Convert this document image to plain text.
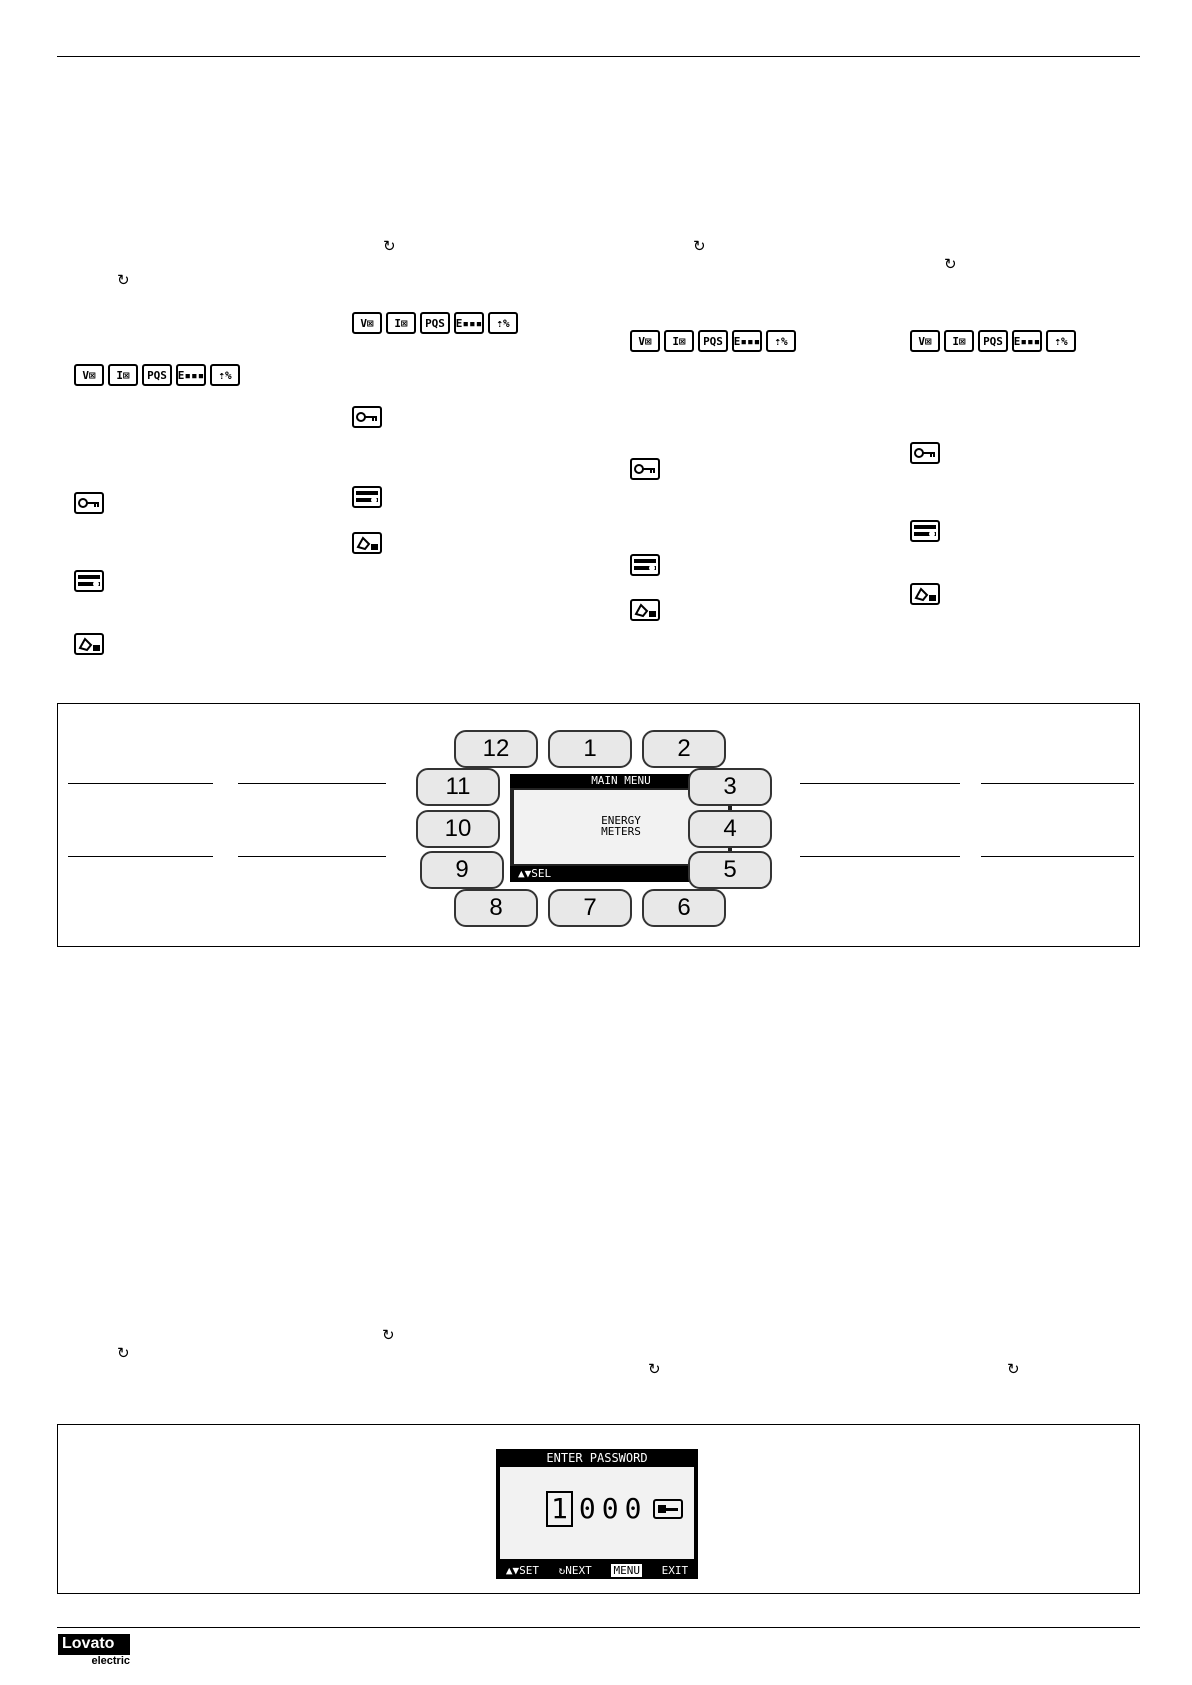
↻
↻
↻
↻
V⊠	I⊠	PQS E▪▪▪	⇡%
V⊠	I⊠	PQS E▪▪▪	⇡%
V⊠	I⊠	PQS E▪▪▪	⇡%	V⊠	I⊠	PQS E▪▪▪	⇡%
MAIN MENU
ENERGY
METERS
▲▼SEL
12	1	2
11	3
10	4
9	5
8	7	6
↻
↻
↻	↻
ENTER PASSWORD
1 0 0 0
▲▼SET ↻NEXT MENU EXIT
Lovato
electric
